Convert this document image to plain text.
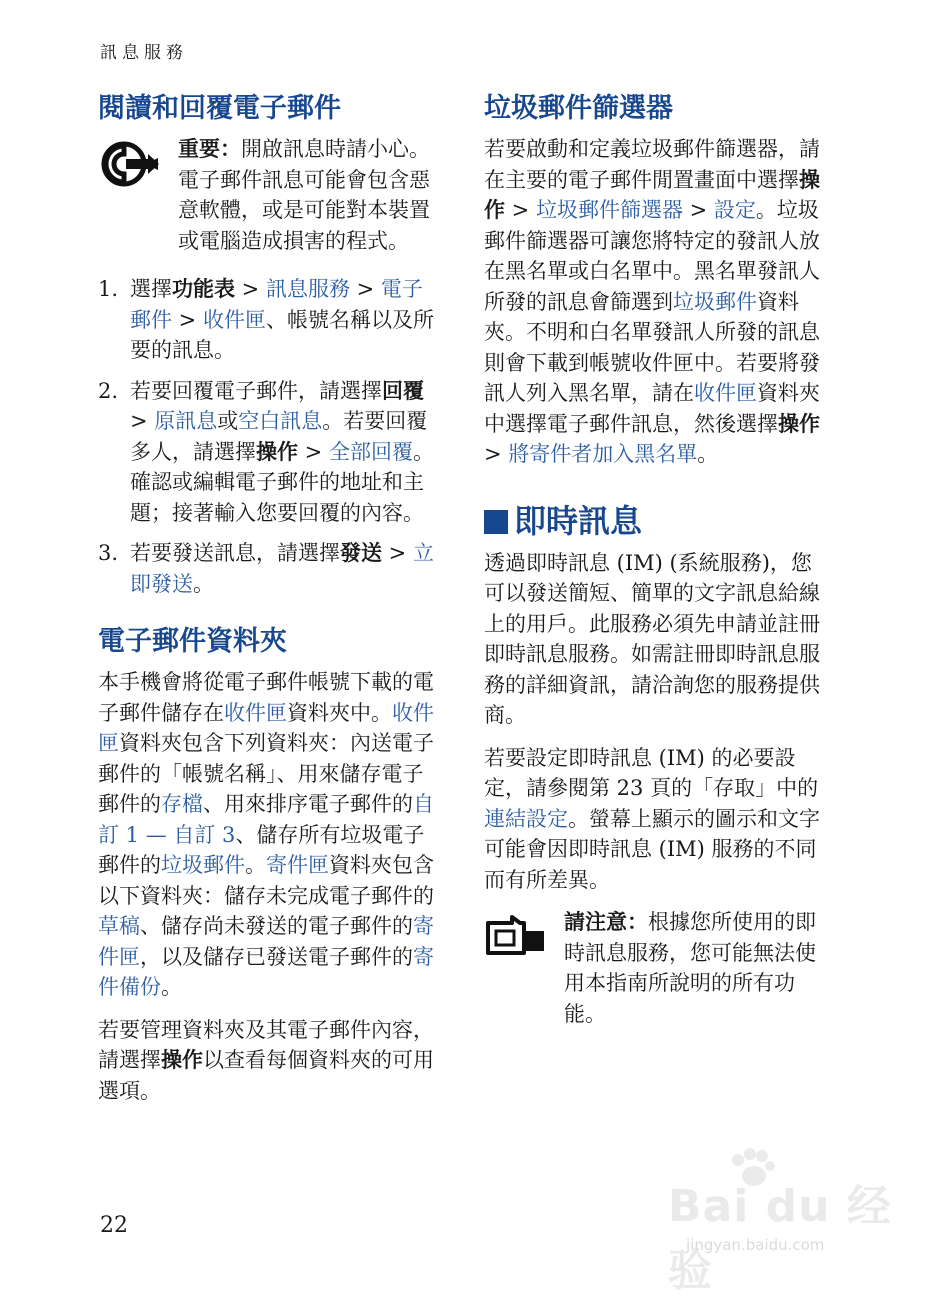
訊息服務
閱讀和回覆電子郵件
重要：開啟訊息時請小心。電子郵件訊息可能會包含惡意軟體，或是可能對本裝置或電腦造成損害的程式。
1. 選擇功能表 > 訊息服務 > 電子郵件 > 收件匣、帳號名稱以及所要的訊息。
2. 若要回覆電子郵件，請選擇回覆 > 原訊息或空白訊息。若要回覆多人，請選擇操作 > 全部回覆。確認或編輯電子郵件的地址和主題；接著輸入您要回覆的內容。
3. 若要發送訊息，請選擇發送 > 立即發送。
電子郵件資料夾

本手機會將從電子郵件帳號下載的電子郵件儲存在收件匣資料夾中。收件匣資料夾包含下列資料夾：內送電子郵件的「帳號名稱」、用來儲存電子郵件的存檔、用來排序電子郵件的自訂 1 — 自訂 3、儲存所有垃圾電子郵件的垃圾郵件。寄件匣資料夾包含以下資料夾：儲存未完成電子郵件的草稿、儲存尚未發送的電子郵件的寄件匣，以及儲存已發送電子郵件的寄件備份。

若要管理資料夾及其電子郵件內容，請選擇操作以查看每個資料夾的可用選項。

垃圾郵件篩選器

若要啟動和定義垃圾郵件篩選器，請在主要的電子郵件閒置畫面中選擇操作 > 垃圾郵件篩選器 > 設定。垃圾郵件篩選器可讓您將特定的發訊人放在黑名單或白名單中。黑名單發訊人所發的訊息會篩選到垃圾郵件資料夾。不明和白名單發訊人所發的訊息則會下載到帳號收件匣中。若要將發訊人列入黑名單，請在收件匣資料夾中選擇電子郵件訊息，然後選擇操作 > 將寄件者加入黑名單。

即時訊息

透過即時訊息 (IM) (系統服務)，您可以發送簡短、簡單的文字訊息給線上的用戶。此服務必須先申請並註冊即時訊息服務。如需註冊即時訊息服務的詳細資訊，請洽詢您的服務提供商。

若要設定即時訊息 (IM) 的必要設定，請參閱第 23 頁的「存取」中的連結設定。螢幕上顯示的圖示和文字可能會因即時訊息 (IM) 服務的不同而有所差異。

請注意：根據您所使用的即時訊息服務，您可能無法使用本指南所說明的所有功能。
22	Bai du 经验
jingyan.baidu.com
